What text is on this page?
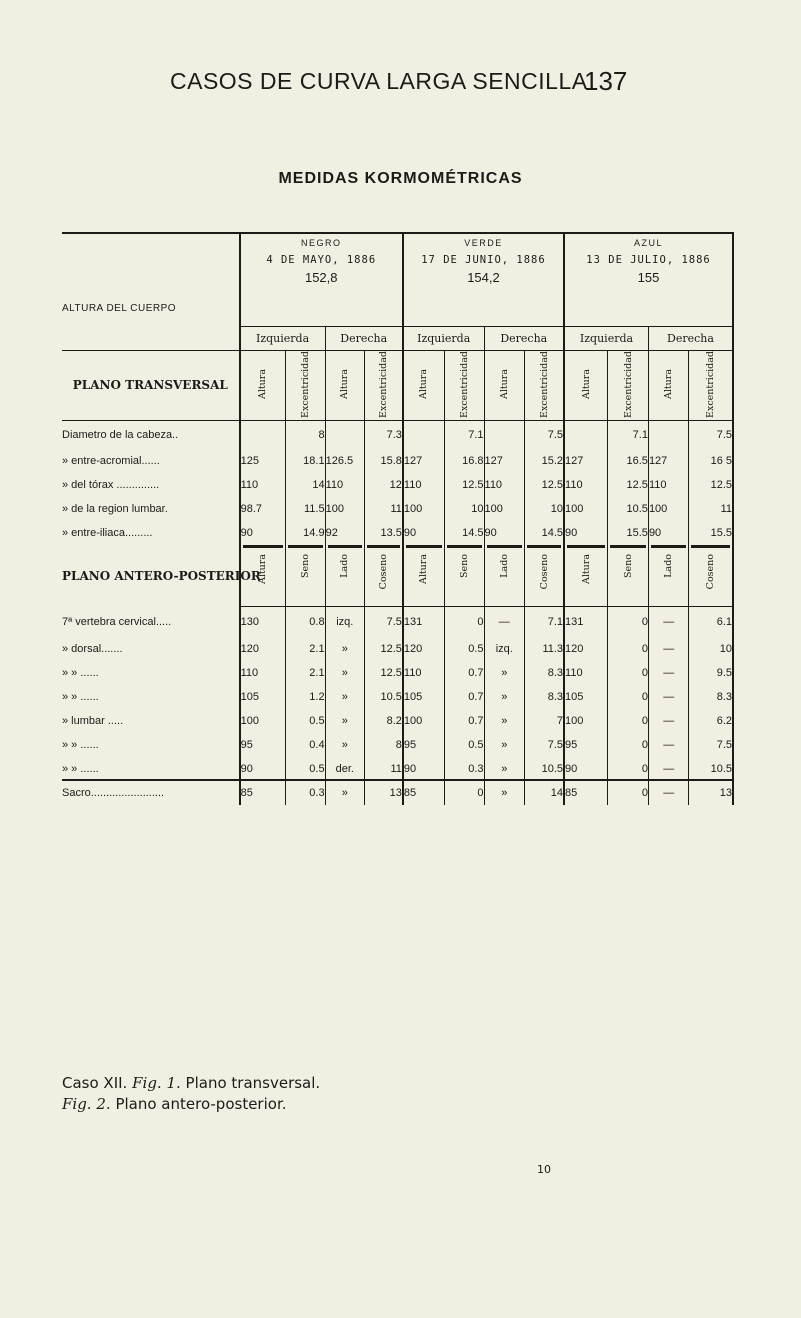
CASOS DE CURVA LARGA SENCILLA
137
MEDIDAS KORMOMÉTRICAS
ALTURA DEL CUERPO	NEGRO
4 DE MAYO, 1886
152,8				VERDE
17 DE JUNIO, 1886
154,2				AZUL
13 DE JULIO, 1886
155			

	Izquierda		Derecha		Izquierda		Derecha		Izquierda		Derecha	
PLANO TRANSVERSAL	Altura	Excentricidad	Altura	Excentricidad	Altura	Excentricidad	Altura	Excentricidad	Altura	Excentricidad	Altura	Excentricidad
Diametro de la cabeza..		8		7.3		7.1		7.5		7.1		7.5
» entre-acromial......	125	18.1	126.5	15.8	127	16.8	127	15.2	127	16.5	127	16 5
» del tórax ..............	110	14	110	12	110	12.5	110	12.5	110	12.5	110	12.5
» de la region lumbar.	98.7	11.5	100	11	100	10	100	10	100	10.5	100	11
» entre-iliaca.........	90	14.9	92	13.5	90	14.5	90	14.5	90	15.5	90	15.5
PLANO ANTERO-POSTERIOR	Altura	Seno	Lado	Coseno	Altura	Seno	Lado	Coseno	Altura	Seno	Lado	Coseno

7ª vertebra cervical.....	130	0.8	izq.	7.5	131	0	—	7.1	131	0	—	6.1
» dorsal.......	120	2.1	»	12.5	120	0.5	izq.	11.3	120	0	—	10
» » ......	110	2.1	»	12.5	110	0.7	»	8.3	110	0	—	9.5
» » ......	105	1.2	»	10.5	105	0.7	»	8.3	105	0	—	8.3
» lumbar .....	100	0.5	»	8.2	100	0.7	»	7	100	0	—	6.2
» » ......	95	0.4	»	8	95	0.5	»	7.5	95	0	—	7.5
» » ......	90	0.5	der.	11	90	0.3	»	10.5	90	0	—	10.5
Sacro........................	85	0.3	»	13	85	0	»	14	85	0	—	13
Caso XII. Fig. 1. Plano transversal.
Fig. 2. Plano antero-posterior.
10
